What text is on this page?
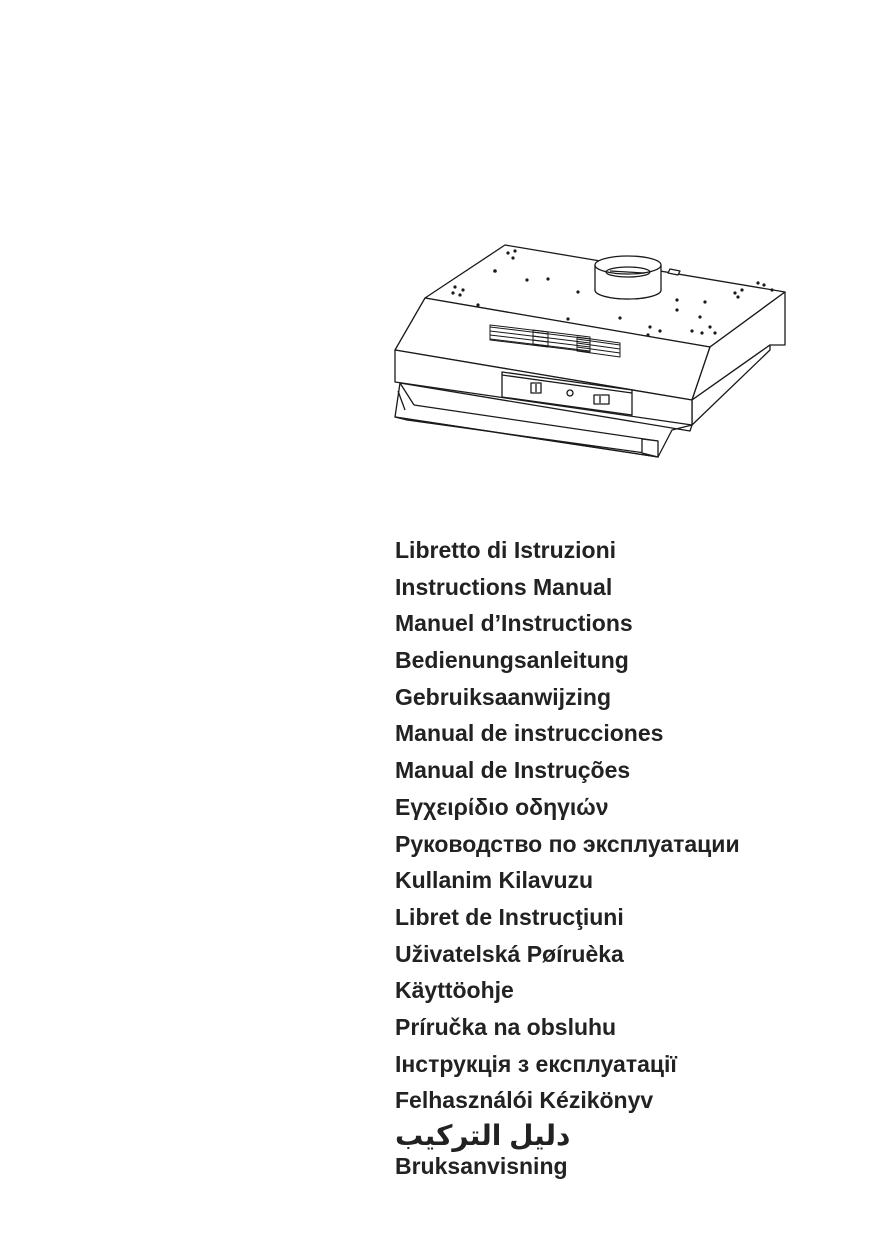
Libretto di Istruzioni
Instructions Manual
Manuel d’Instructions
Bedienungsanleitung
Gebruiksaanwijzing
Manual de instrucciones
Manual de Instruções
Εγχειρίδιο οδηγιών
Руководство по эксплуатации
Kullanim Kilavuzu
Libret de Instrucţiuni
Uživatelská Pøíruèka
Käyttöohje
Príručka na obsluhu
Інструкція з експлуатації
Felhasználói Kézikönyv
دليل التركيب
Bruksanvisning
